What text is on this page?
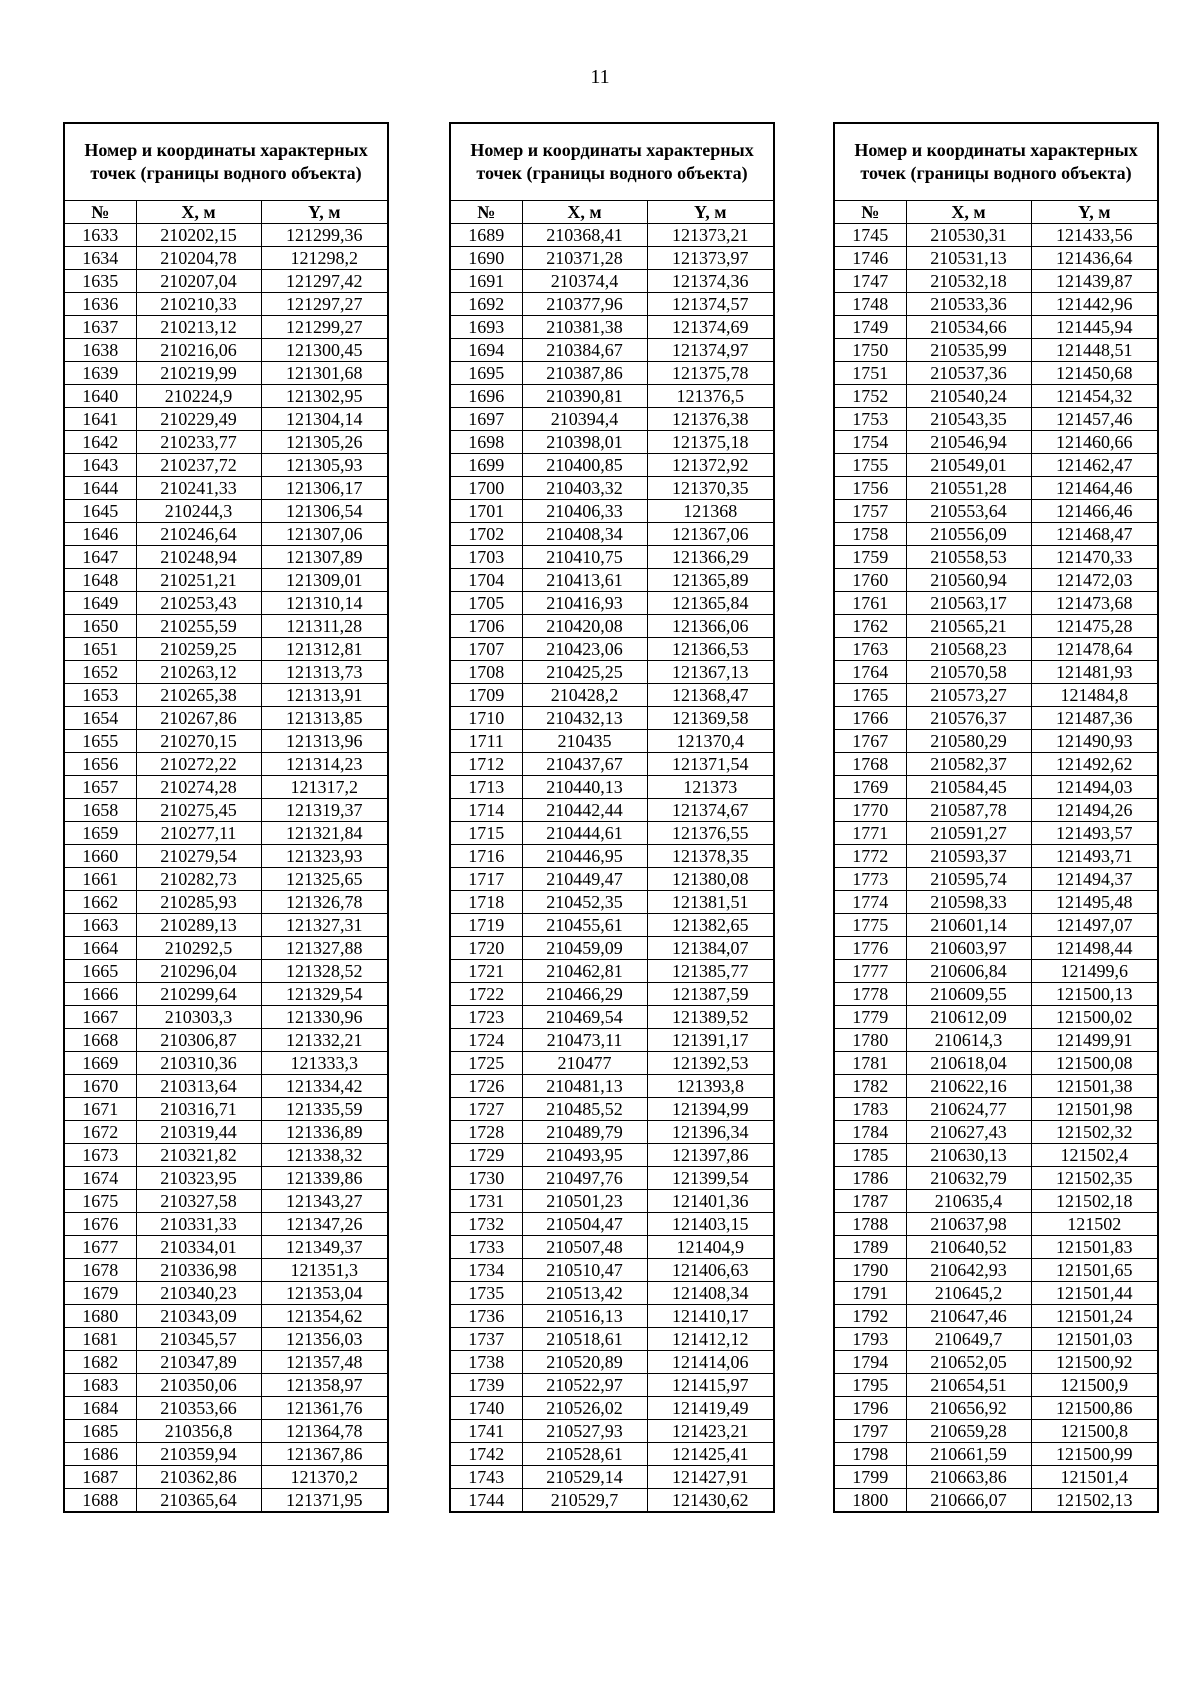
11
Номер и координаты характерных точек (границы водного объекта)		
№	X, м	Y, м
1633	210202,15	121299,36
1634	210204,78	121298,2
1635	210207,04	121297,42
1636	210210,33	121297,27
1637	210213,12	121299,27
1638	210216,06	121300,45
1639	210219,99	121301,68
1640	210224,9	121302,95
1641	210229,49	121304,14
1642	210233,77	121305,26
1643	210237,72	121305,93
1644	210241,33	121306,17
1645	210244,3	121306,54
1646	210246,64	121307,06
1647	210248,94	121307,89
1648	210251,21	121309,01
1649	210253,43	121310,14
1650	210255,59	121311,28
1651	210259,25	121312,81
1652	210263,12	121313,73
1653	210265,38	121313,91
1654	210267,86	121313,85
1655	210270,15	121313,96
1656	210272,22	121314,23
1657	210274,28	121317,2
1658	210275,45	121319,37
1659	210277,11	121321,84
1660	210279,54	121323,93
1661	210282,73	121325,65
1662	210285,93	121326,78
1663	210289,13	121327,31
1664	210292,5	121327,88
1665	210296,04	121328,52
1666	210299,64	121329,54
1667	210303,3	121330,96
1668	210306,87	121332,21
1669	210310,36	121333,3
1670	210313,64	121334,42
1671	210316,71	121335,59
1672	210319,44	121336,89
1673	210321,82	121338,32
1674	210323,95	121339,86
1675	210327,58	121343,27
1676	210331,33	121347,26
1677	210334,01	121349,37
1678	210336,98	121351,3
1679	210340,23	121353,04
1680	210343,09	121354,62
1681	210345,57	121356,03
1682	210347,89	121357,48
1683	210350,06	121358,97
1684	210353,66	121361,76
1685	210356,8	121364,78
1686	210359,94	121367,86
1687	210362,86	121370,2
1688	210365,64	121371,95
Номер и координаты характерных точек (границы водного объекта)		
№	X, м	Y, м
1689	210368,41	121373,21
1690	210371,28	121373,97
1691	210374,4	121374,36
1692	210377,96	121374,57
1693	210381,38	121374,69
1694	210384,67	121374,97
1695	210387,86	121375,78
1696	210390,81	121376,5
1697	210394,4	121376,38
1698	210398,01	121375,18
1699	210400,85	121372,92
1700	210403,32	121370,35
1701	210406,33	121368
1702	210408,34	121367,06
1703	210410,75	121366,29
1704	210413,61	121365,89
1705	210416,93	121365,84
1706	210420,08	121366,06
1707	210423,06	121366,53
1708	210425,25	121367,13
1709	210428,2	121368,47
1710	210432,13	121369,58
1711	210435	121370,4
1712	210437,67	121371,54
1713	210440,13	121373
1714	210442,44	121374,67
1715	210444,61	121376,55
1716	210446,95	121378,35
1717	210449,47	121380,08
1718	210452,35	121381,51
1719	210455,61	121382,65
1720	210459,09	121384,07
1721	210462,81	121385,77
1722	210466,29	121387,59
1723	210469,54	121389,52
1724	210473,11	121391,17
1725	210477	121392,53
1726	210481,13	121393,8
1727	210485,52	121394,99
1728	210489,79	121396,34
1729	210493,95	121397,86
1730	210497,76	121399,54
1731	210501,23	121401,36
1732	210504,47	121403,15
1733	210507,48	121404,9
1734	210510,47	121406,63
1735	210513,42	121408,34
1736	210516,13	121410,17
1737	210518,61	121412,12
1738	210520,89	121414,06
1739	210522,97	121415,97
1740	210526,02	121419,49
1741	210527,93	121423,21
1742	210528,61	121425,41
1743	210529,14	121427,91
1744	210529,7	121430,62
Номер и координаты характерных точек (границы водного объекта)		
№	X, м	Y, м
1745	210530,31	121433,56
1746	210531,13	121436,64
1747	210532,18	121439,87
1748	210533,36	121442,96
1749	210534,66	121445,94
1750	210535,99	121448,51
1751	210537,36	121450,68
1752	210540,24	121454,32
1753	210543,35	121457,46
1754	210546,94	121460,66
1755	210549,01	121462,47
1756	210551,28	121464,46
1757	210553,64	121466,46
1758	210556,09	121468,47
1759	210558,53	121470,33
1760	210560,94	121472,03
1761	210563,17	121473,68
1762	210565,21	121475,28
1763	210568,23	121478,64
1764	210570,58	121481,93
1765	210573,27	121484,8
1766	210576,37	121487,36
1767	210580,29	121490,93
1768	210582,37	121492,62
1769	210584,45	121494,03
1770	210587,78	121494,26
1771	210591,27	121493,57
1772	210593,37	121493,71
1773	210595,74	121494,37
1774	210598,33	121495,48
1775	210601,14	121497,07
1776	210603,97	121498,44
1777	210606,84	121499,6
1778	210609,55	121500,13
1779	210612,09	121500,02
1780	210614,3	121499,91
1781	210618,04	121500,08
1782	210622,16	121501,38
1783	210624,77	121501,98
1784	210627,43	121502,32
1785	210630,13	121502,4
1786	210632,79	121502,35
1787	210635,4	121502,18
1788	210637,98	121502
1789	210640,52	121501,83
1790	210642,93	121501,65
1791	210645,2	121501,44
1792	210647,46	121501,24
1793	210649,7	121501,03
1794	210652,05	121500,92
1795	210654,51	121500,9
1796	210656,92	121500,86
1797	210659,28	121500,8
1798	210661,59	121500,99
1799	210663,86	121501,4
1800	210666,07	121502,13
